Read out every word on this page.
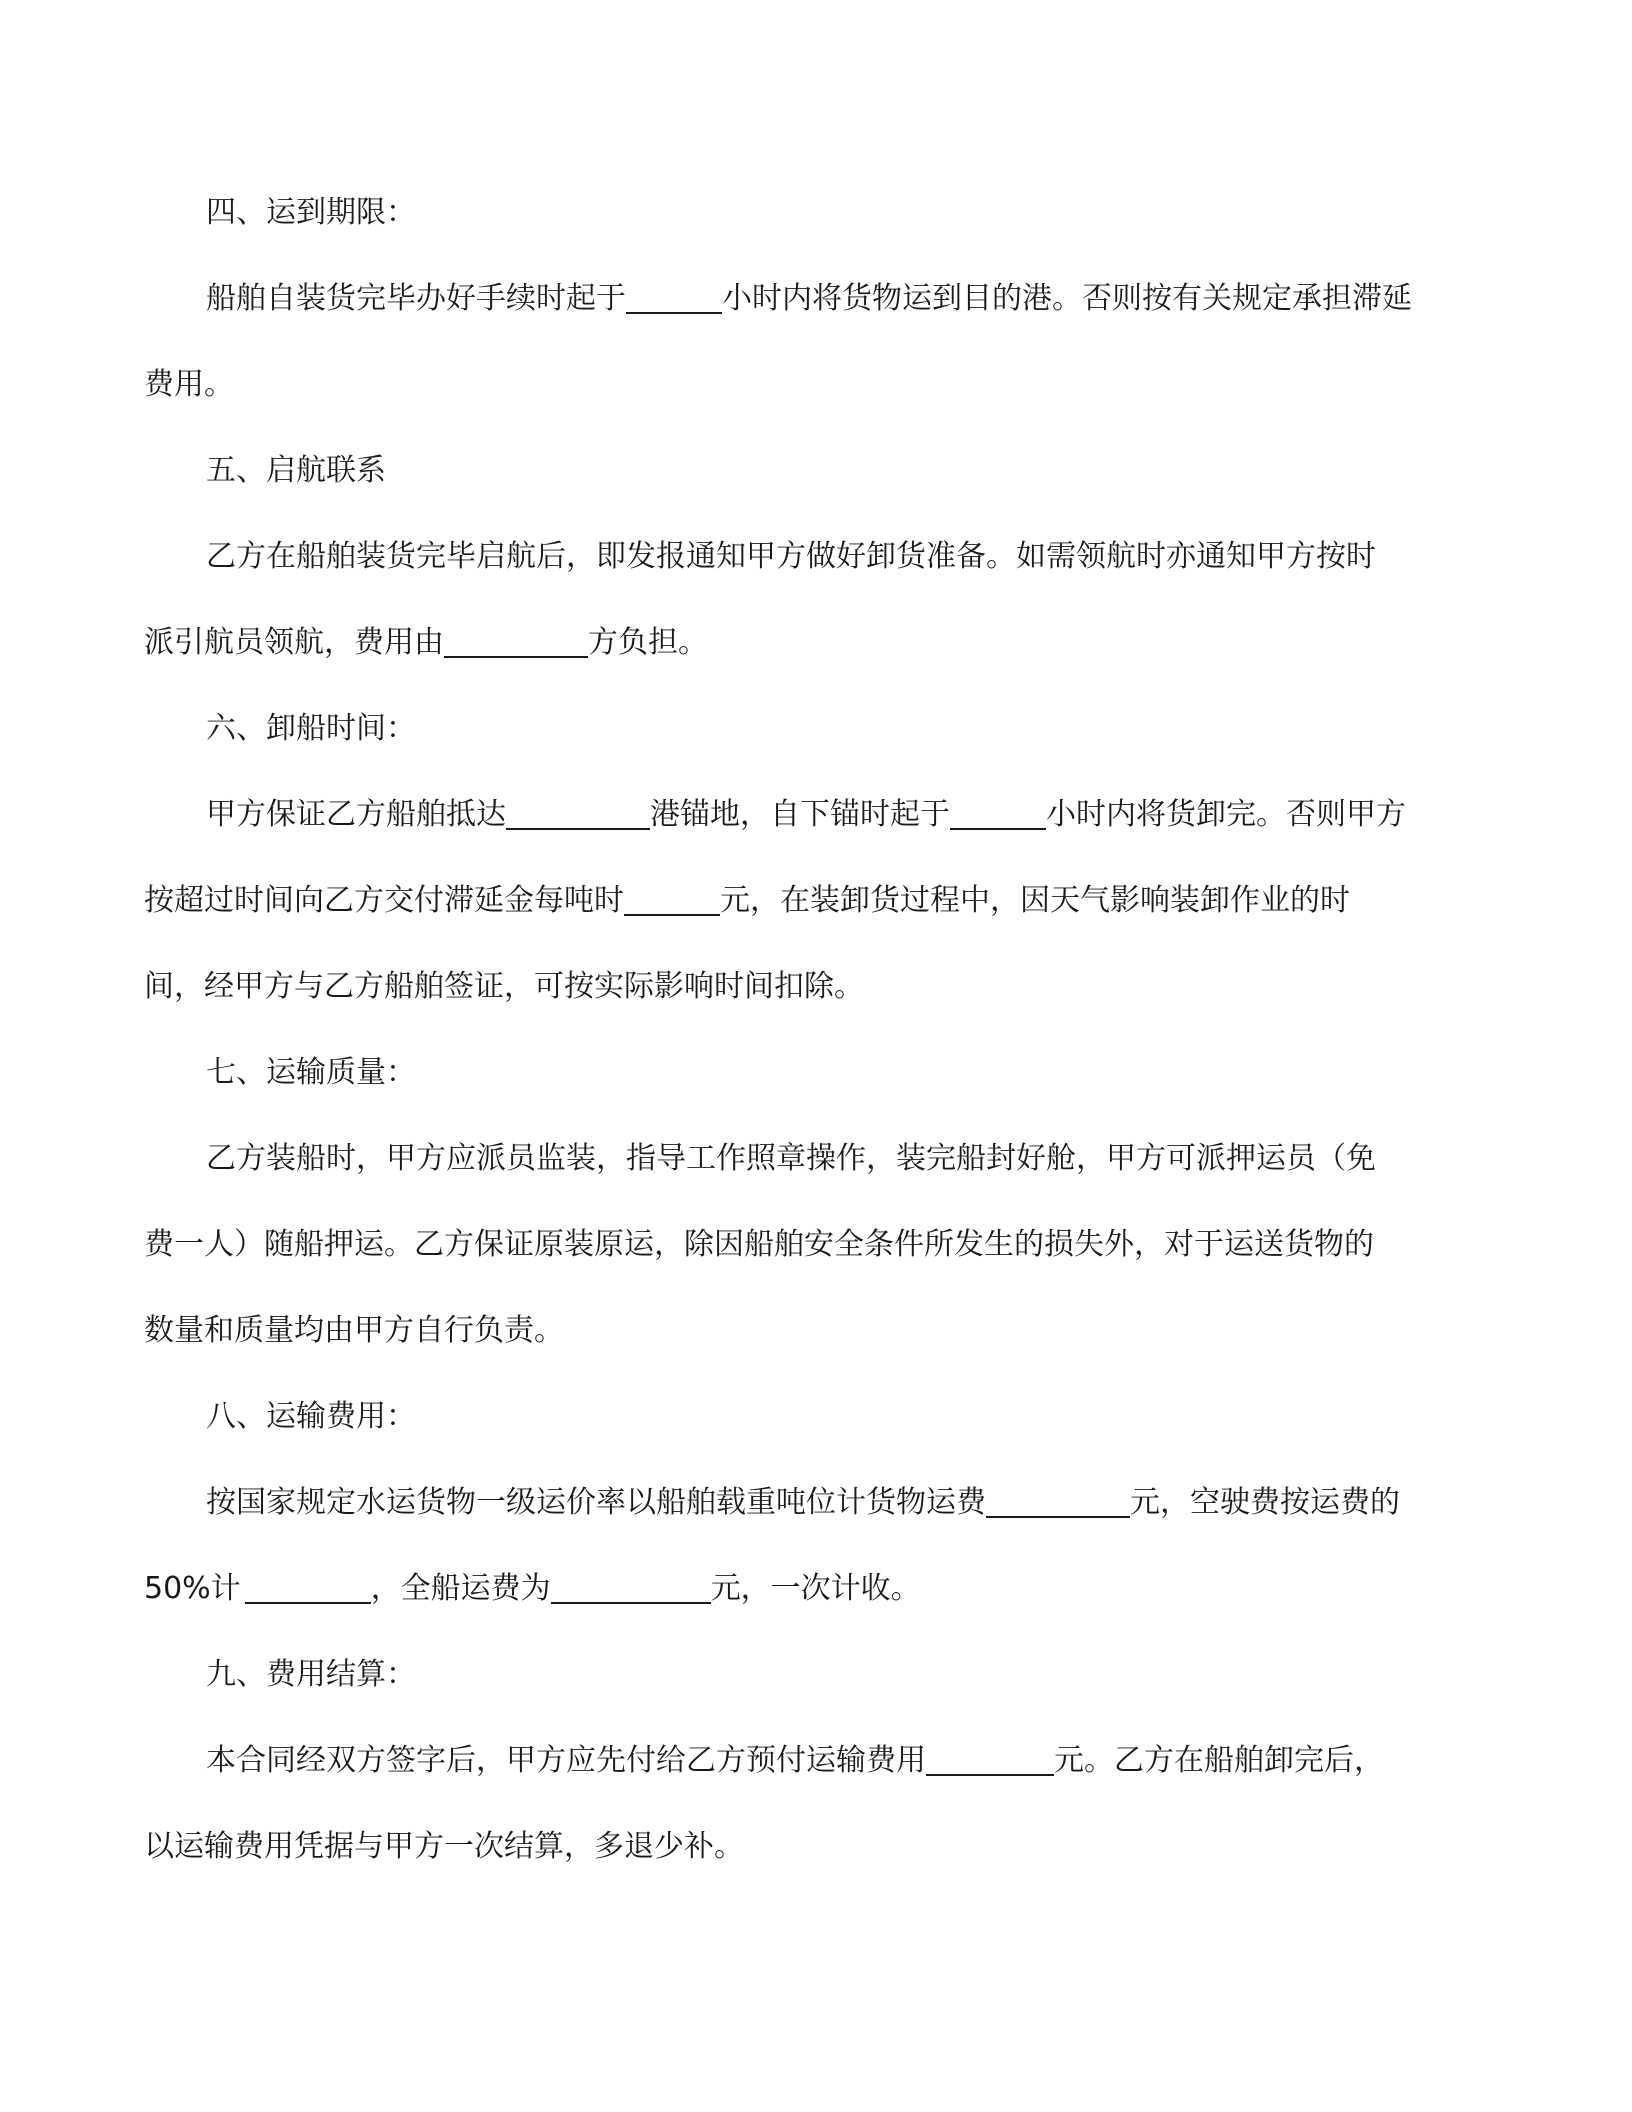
四、运到期限：
船舶自装货完毕办好手续时起于	小时内将货物运到目的港。否则按有关规定承担滞延
费用。
五、启航联系
乙方在船舶装货完毕启航后，即发报通知甲方做好卸货准备。如需领航时亦通知甲方按时
派引航员领航，费用由	方负担。
六、卸船时间：
甲方保证乙方船舶抵达	港锚地，自下锚时起于	小时内将货卸完。否则甲方
按超过时间向乙方交付滞延金每吨时	元，在装卸货过程中，因天气影响装卸作业的时
间，经甲方与乙方船舶签证，可按实际影响时间扣除。
七、运输质量：
乙方装船时，甲方应派员监装，指导工作照章操作，装完船封好舱，甲方可派押运员（免
费一人）随船押运。乙方保证原装原运，除因船舶安全条件所发生的损失外，对于运送货物的
数量和质量均由甲方自行负责。
八、运输费用：
按国家规定水运货物一级运价率以船舶载重吨位计货物运费	元，空驶费按运费的
50%计	，全船运费为	元，一次计收。
九、费用结算：
本合同经双方签字后，甲方应先付给乙方预付运输费用	元。乙方在船舶卸完后，
以运输费用凭据与甲方一次结算，多退少补。
